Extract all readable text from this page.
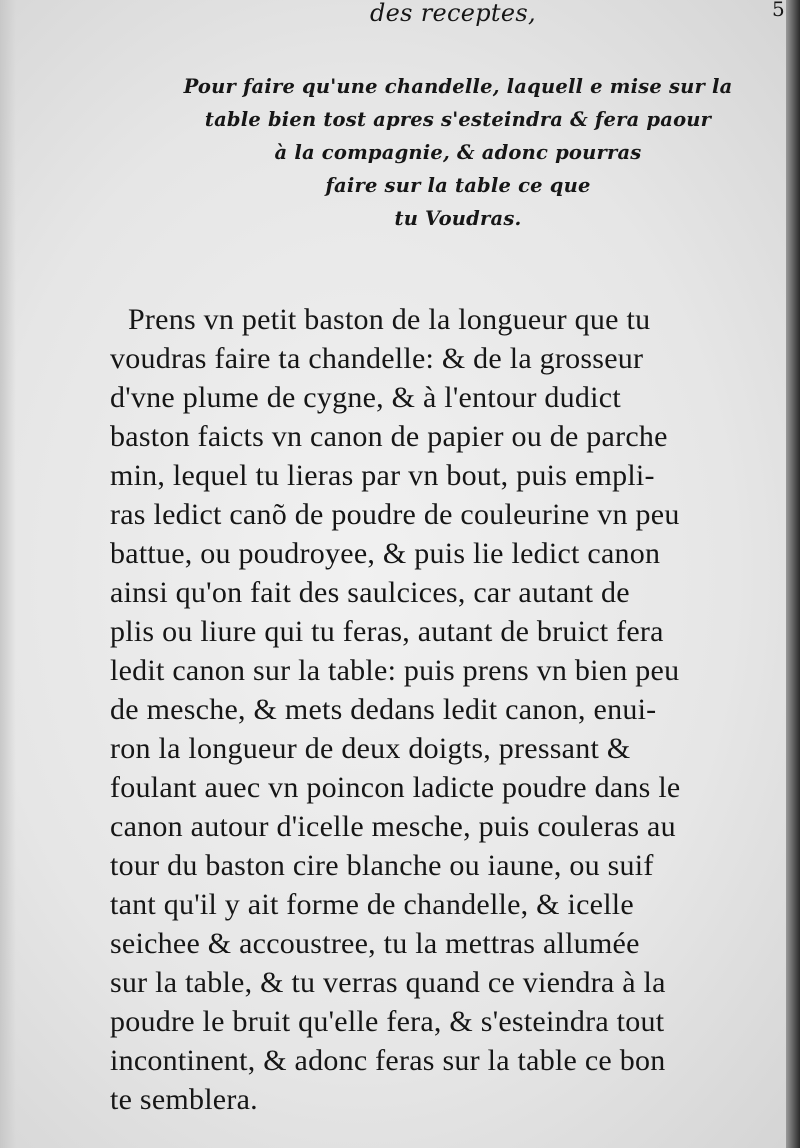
des receptes,	5
Pour faire qu'une chandelle, laquell e mise sur la
table bien tost apres s'esteindra & fera paour
à la compagnie, & adonc pourras
faire sur la table ce que
tu Voudras.
Prens vn petit baston de la longueur que tu
voudras faire ta chandelle: & de la grosseur
d'vne plume de cygne, & à l'entour dudict
baston faicts vn canon de papier ou de parche
min, lequel tu lieras par vn bout, puis empli-
ras ledict canõ de poudre de couleurine vn peu
battue, ou poudroyee, & puis lie ledict canon
ainsi qu'on fait des saulcices, car autant de
plis ou liure qui tu feras, autant de bruict fera
ledit canon sur la table: puis prens vn bien peu
de mesche, & mets dedans ledit canon, enui-
ron la longueur de deux doigts, pressant &
foulant auec vn poincon ladicte poudre dans le
canon autour d'icelle mesche, puis couleras au
tour du baston cire blanche ou iaune, ou suif
tant qu'il y ait forme de chandelle, & icelle
seichee & accoustree, tu la mettras allumée
sur la table, & tu verras quand ce viendra à la
poudre le bruit qu'elle fera, & s'esteindra tout
incontinent, & adonc feras sur la table ce bon
te semblera.
